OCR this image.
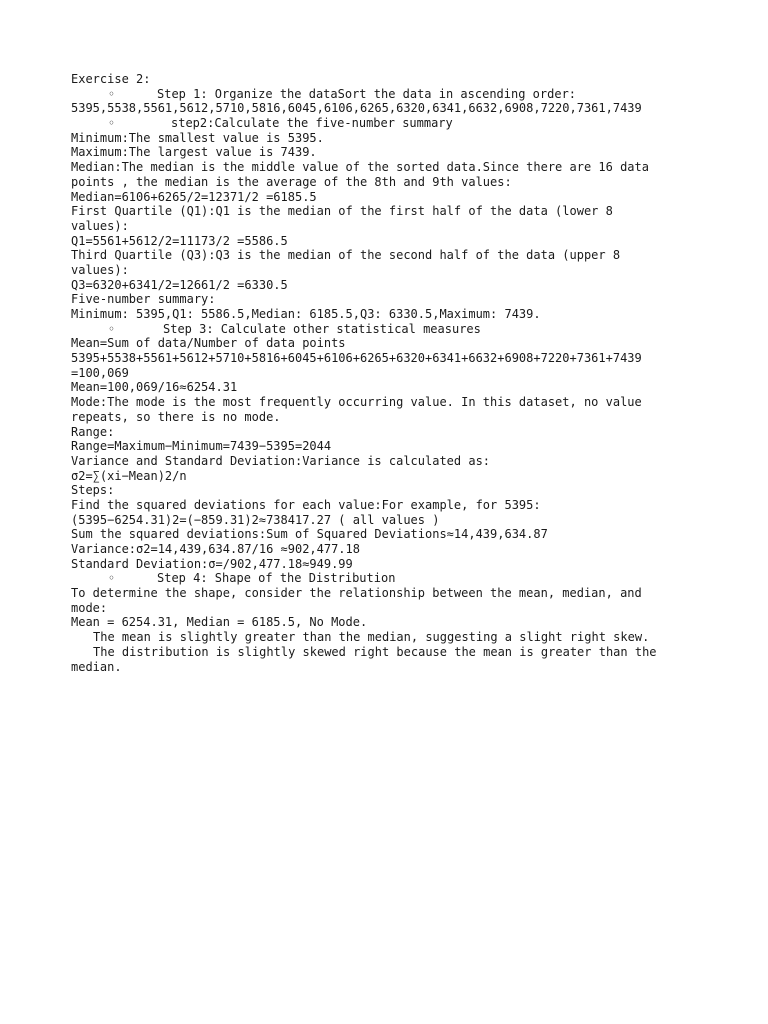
Exercise 2:
◦	Step 1: Organize the dataSort the data in ascending order:
5395,5538,5561,5612,5710,5816,6045,6106,6265,6320,6341,6632,6908,7220,7361,7439
◦	step2:Calculate the five-number summary
Minimum:The smallest value is 5395.
Maximum:The largest value is 7439.
Median:The median is the middle value of the sorted data.Since there are 16 data
points , the median is the average of the 8th and 9th values:
Median=6106+6265/2=12371/2 =6185.5
First Quartile (Q1):Q1 is the median of the first half of the data (lower 8
values):
Q1=5561+5612/2=11173/2 =5586.5
Third Quartile (Q3):Q3 is the median of the second half of the data (upper 8
values):
Q3=6320+6341/2=12661/2 =6330.5
Five-number summary:
Minimum: 5395,Q1: 5586.5,Median: 6185.5,Q3: 6330.5,Maximum: 7439.
◦	Step 3: Calculate other statistical measures
Mean=Sum of data/Number of data points
5395+5538+5561+5612+5710+5816+6045+6106+6265+6320+6341+6632+6908+7220+7361+7439
=100,069
Mean=100,069/16≈6254.31
Mode:The mode is the most frequently occurring value. In this dataset, no value
repeats, so there is no mode.
Range:
Range=Maximum−Minimum=7439−5395=2044
Variance and Standard Deviation:Variance is calculated as:
σ2=∑(xi−Mean)2/n
Steps:
Find the squared deviations for each value:For example, for 5395:
(5395−6254.31)2=(−859.31)2≈738417.27 ( all values )
Sum the squared deviations:Sum of Squared Deviations≈14,439,634.87
Variance:σ2=14,439,634.87/16 ≈902,477.18
Standard Deviation:σ=/902,477.18≈949.99
◦	Step 4: Shape of the Distribution
To determine the shape, consider the relationship between the mean, median, and
mode:
Mean = 6254.31, Median = 6185.5, No Mode.
The mean is slightly greater than the median, suggesting a slight right skew.
The distribution is slightly skewed right because the mean is greater than the
median.
